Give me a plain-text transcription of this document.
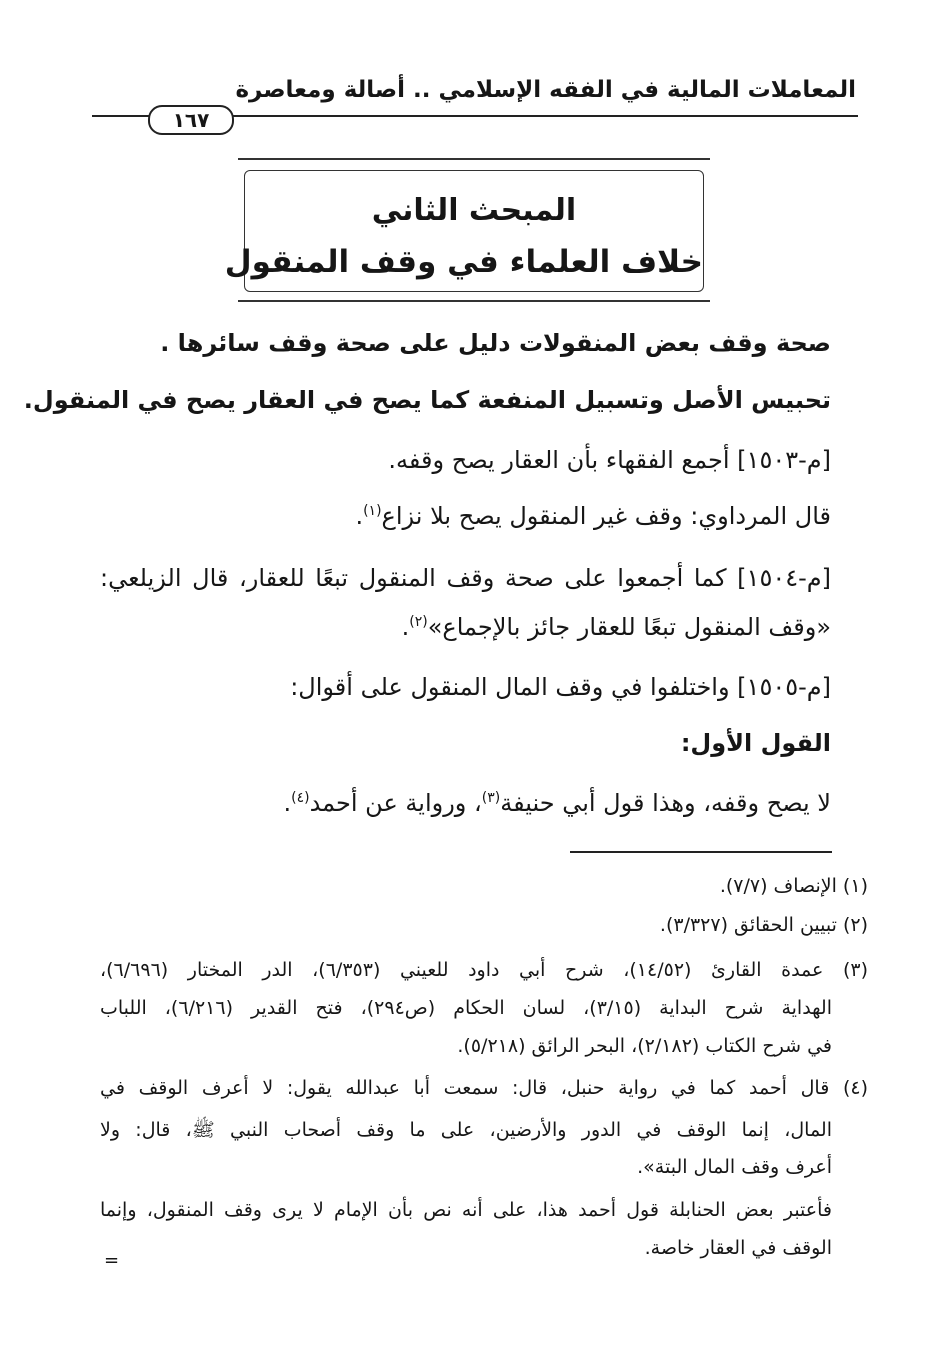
المعاملات المالية في الفقه الإسلامي .. أصالة ومعاصرة
١٦٧
المبحث الثاني
خلاف العلماء في وقف المنقول
صحة وقف بعض المنقولات دليل على صحة وقف سائرها .
تحبيس الأصل وتسبيل المنفعة كما يصح في العقار يصح في المنقول.
[م-١٥٠٣] أجمع الفقهاء بأن العقار يصح وقفه.
قال المرداوي: وقف غير المنقول يصح بلا نزاع$^{(١)}$.
[م-١٥٠٤] كما أجمعوا على صحة وقف المنقول تبعًا للعقار، قال الزيلعي:
«وقف المنقول تبعًا للعقار جائز بالإجماع»$^{(٢)}$.
[م-١٥٠٥] واختلفوا في وقف المال المنقول على أقوال:
القول الأول:
لا يصح وقفه، وهذا قول أبي حنيفة$^{(٣)}$، ورواية عن أحمد$^{(٤)}$.
(١) الإنصاف (٧/٧).
(٢) تبيين الحقائق (٣/٣٢٧).
(٣) عمدة القارئ (١٤/٥٢)، شرح أبي داود للعيني (٦/٣٥٣)، الدر المختار (٦/٦٩٦)،
الهداية شرح البداية (٣/١٥)، لسان الحكام (ص٢٩٤)، فتح القدير (٦/٢١٦)، اللباب
في شرح الكتاب (٢/١٨٢)، البحر الرائق (٥/٢١٨).
(٤) قال أحمد كما في رواية حنبل، قال: سمعت أبا عبدالله يقول: لا أعرف الوقف في
المال، إنما الوقف في الدور والأرضين، على ما وقف أصحاب النبي ﷺ، قال: ولا
أعرف وقف المال البتة».
فأعتبر بعض الحنابلة قول أحمد هذا، على أنه نص بأن الإمام لا يرى وقف المنقول، وإنما
الوقف في العقار خاصة.
=
